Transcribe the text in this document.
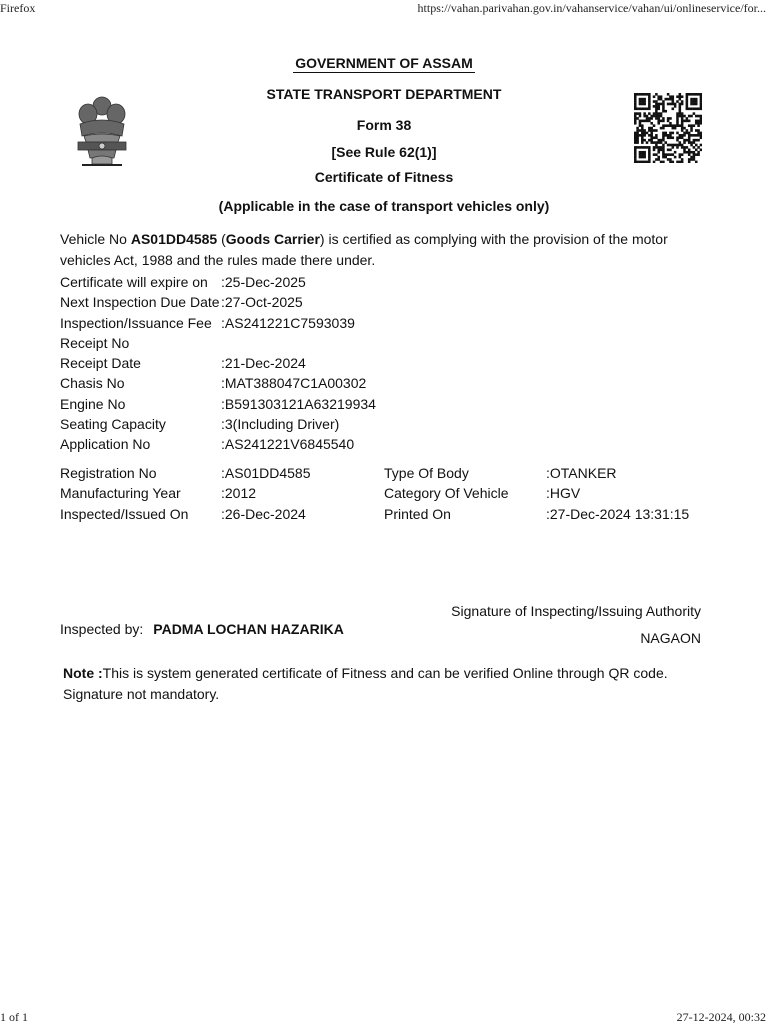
Firefox	https://vahan.parivahan.gov.in/vahanservice/vahan/ui/onlineservice/for...
1 of 1	27-12-2024, 00:32
GOVERNMENT OF ASSAM
STATE TRANSPORT DEPARTMENT
Form 38
[See Rule 62(1)]
Certificate of Fitness
(Applicable in the case of transport vehicles only)
Vehicle No AS01DD4585 (Goods Carrier) is certified as complying with the provision of the motor vehicles Act, 1988 and the rules made there under.
Certificate will expire on :25-Dec-2025
Next Inspection Due Date :27-Oct-2025
Inspection/Issuance Fee :AS241221C7593039
Receipt No
Receipt Date	:21-Dec-2024
Chasis No	:MAT388047C1A00302
Engine No	:B591303121A63219934
Seating Capacity	:3(Including Driver)
Application No	:AS241221V6845540
Registration No	:AS01DD4585	Type Of Body	:OTANKER
Manufacturing Year	:2012	Category Of Vehicle	:HGV
Inspected/Issued On :26-Dec-2024	Printed On	:27-Dec-2024 13:31:15
Signature of Inspecting/Issuing Authority
Inspected by: PADMA LOCHAN HAZARIKA
NAGAON
Note :This is system generated certificate of Fitness and can be verified Online through QR code. Signature not mandatory.
